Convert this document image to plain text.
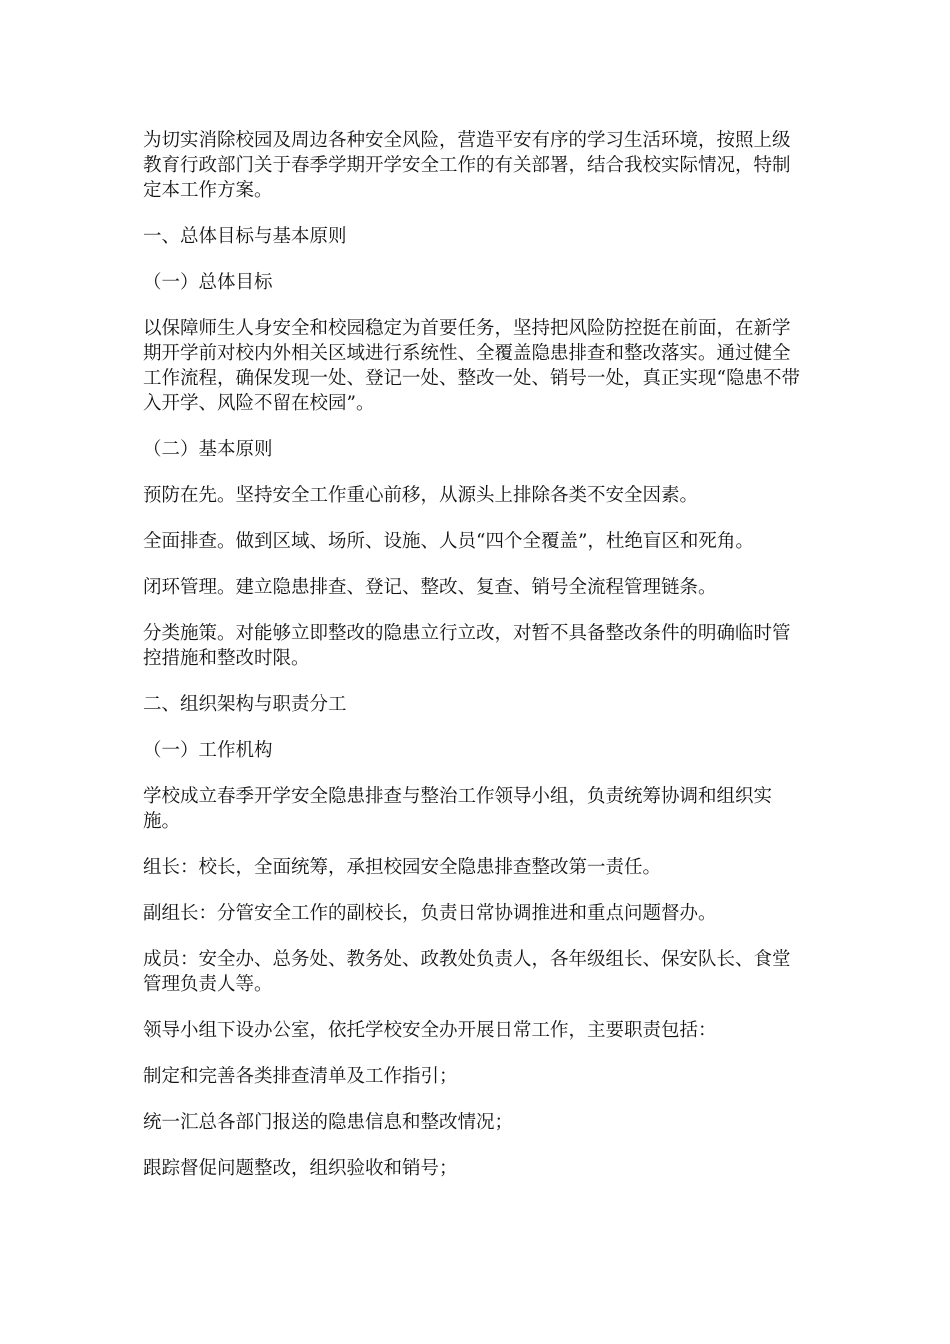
为切实消除校园及周边各种安全风险，营造平安有序的学习生活环境，按照上级教育行政部门关于春季学期开学安全工作的有关部署，结合我校实际情况，特制定本工作方案。

一、总体目标与基本原则

（一）总体目标

以保障师生人身安全和校园稳定为首要任务，坚持把风险防控挺在前面，在新学期开学前对校内外相关区域进行系统性、全覆盖隐患排查和整改落实。通过健全工作流程，确保发现一处、登记一处、整改一处、销号一处，真正实现“隐患不带入开学、风险不留在校园”。

（二）基本原则

预防在先。坚持安全工作重心前移，从源头上排除各类不安全因素。

全面排查。做到区域、场所、设施、人员“四个全覆盖”，杜绝盲区和死角。

闭环管理。建立隐患排查、登记、整改、复查、销号全流程管理链条。

分类施策。对能够立即整改的隐患立行立改，对暂不具备整改条件的明确临时管控措施和整改时限。

二、组织架构与职责分工

（一）工作机构

学校成立春季开学安全隐患排查与整治工作领导小组，负责统筹协调和组织实施。

组长：校长，全面统筹，承担校园安全隐患排查整改第一责任。

副组长：分管安全工作的副校长，负责日常协调推进和重点问题督办。

成员：安全办、总务处、教务处、政教处负责人，各年级组长、保安队长、食堂管理负责人等。

领导小组下设办公室，依托学校安全办开展日常工作，主要职责包括：

制定和完善各类排查清单及工作指引；

统一汇总各部门报送的隐患信息和整改情况；

跟踪督促问题整改，组织验收和销号；
